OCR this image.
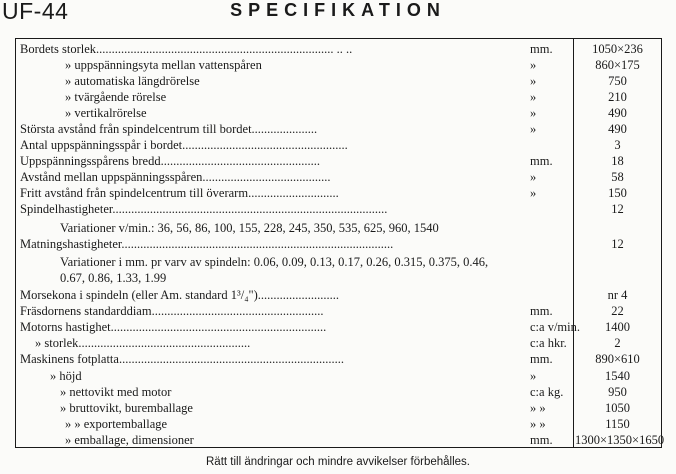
UF-44	SPECIFIKATION
Bordets storlek............................................................................ .. ..	mm.	1050×236
» uppspänningsyta mellan vattenspåren	»	860×175
» automatiska längdrörelse	»	750
» tvärgående rörelse	»	210
» vertikalrörelse	»	490
Största avstånd från spindelcentrum till bordet.....................	»	490
Antal uppspänningsspår i bordet.....................................................	3
Uppspänningsspårens bredd...................................................	mm.	18
Avstånd mellan uppspänningsspåren.........................................	»	58
Fritt avstånd från spindelcentrum till överarm.............................	»	150
Spindelhastigheter........................................................................................	12
Variationer v/min.: 36, 56, 86, 100, 155, 228, 245, 350, 535, 625, 960, 1540
Matningshastigheter.......................................................................................	12
Variationer i mm. pr varv av spindeln: 0.06, 0.09, 0.13, 0.17, 0.26, 0.315, 0.375, 0.46,
0.67, 0.86, 1.33, 1.99
Morsekona i spindeln (eller Am. standard 1³/₄")..........................	nr 4
Fräsdornens standarddiam.......................................................	mm.	22
Motorns hastighet.....................................................................	c:a v/min.	1400
» storlek.......................................................	c:a hkr.	2
Maskinens fotplatta........................................................................	mm.	890×610
» höjd	»	1540
» nettovikt med motor	c:a kg.	950
» bruttovikt, buremballage	» »	1050
» » exportemballage	» »	1150
» emballage, dimensioner	mm. 1300×1350×1650
Rätt till ändringar och mindre avvikelser förbehålles.
